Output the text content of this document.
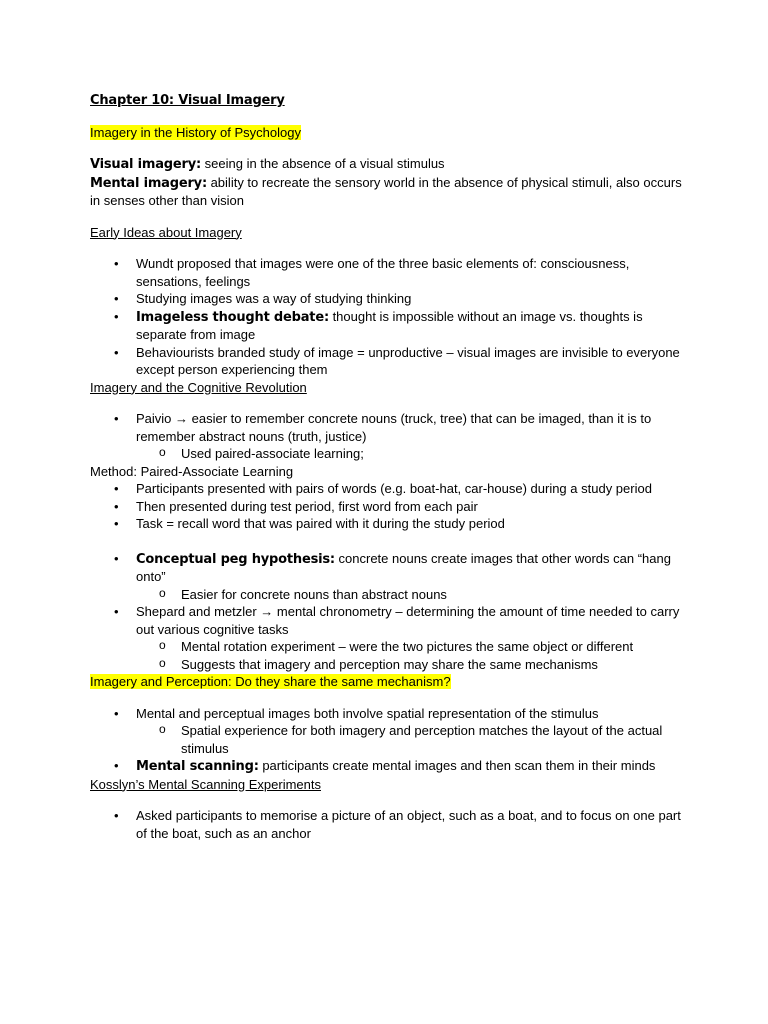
Chapter 10: Visual Imagery

Imagery in the History of Psychology

Visual imagery: seeing in the absence of a visual stimulus

Mental imagery: ability to recreate the sensory world in the absence of physical stimuli, also occurs in senses other than vision

Early Ideas about Imagery

• Wundt proposed that images were one of the three basic elements of: consciousness, sensations, feelings
• Studying images was a way of studying thinking
• Imageless thought debate: thought is impossible without an image vs. thoughts is separate from image
• Behaviourists branded study of image = unproductive – visual images are invisible to everyone except person experiencing them

Imagery and the Cognitive Revolution

• Paivio → easier to remember concrete nouns (truck, tree) that can be imaged, than it is to remember abstract nouns (truth, justice)
o Used paired-associate learning;

Method: Paired-Associate Learning

• Participants presented with pairs of words (e.g. boat-hat, car-house) during a study period
• Then presented during test period, first word from each pair
• Task = recall word that was paired with it during the study period
• Conceptual peg hypothesis: concrete nouns create images that other words can “hang onto”
o Easier for concrete nouns than abstract nouns
• Shepard and metzler → mental chronometry – determining the amount of time needed to carry out various cognitive tasks
o Mental rotation experiment – were the two pictures the same object or different
o Suggests that imagery and perception may share the same mechanisms

Imagery and Perception: Do they share the same mechanism?

• Mental and perceptual images both involve spatial representation of the stimulus
o Spatial experience for both imagery and perception matches the layout of the actual stimulus
• Mental scanning: participants create mental images and then scan them in their minds

Kosslyn’s Mental Scanning Experiments

• Asked participants to memorise a picture of an object, such as a boat, and to focus on one part of the boat, such as an anchor
